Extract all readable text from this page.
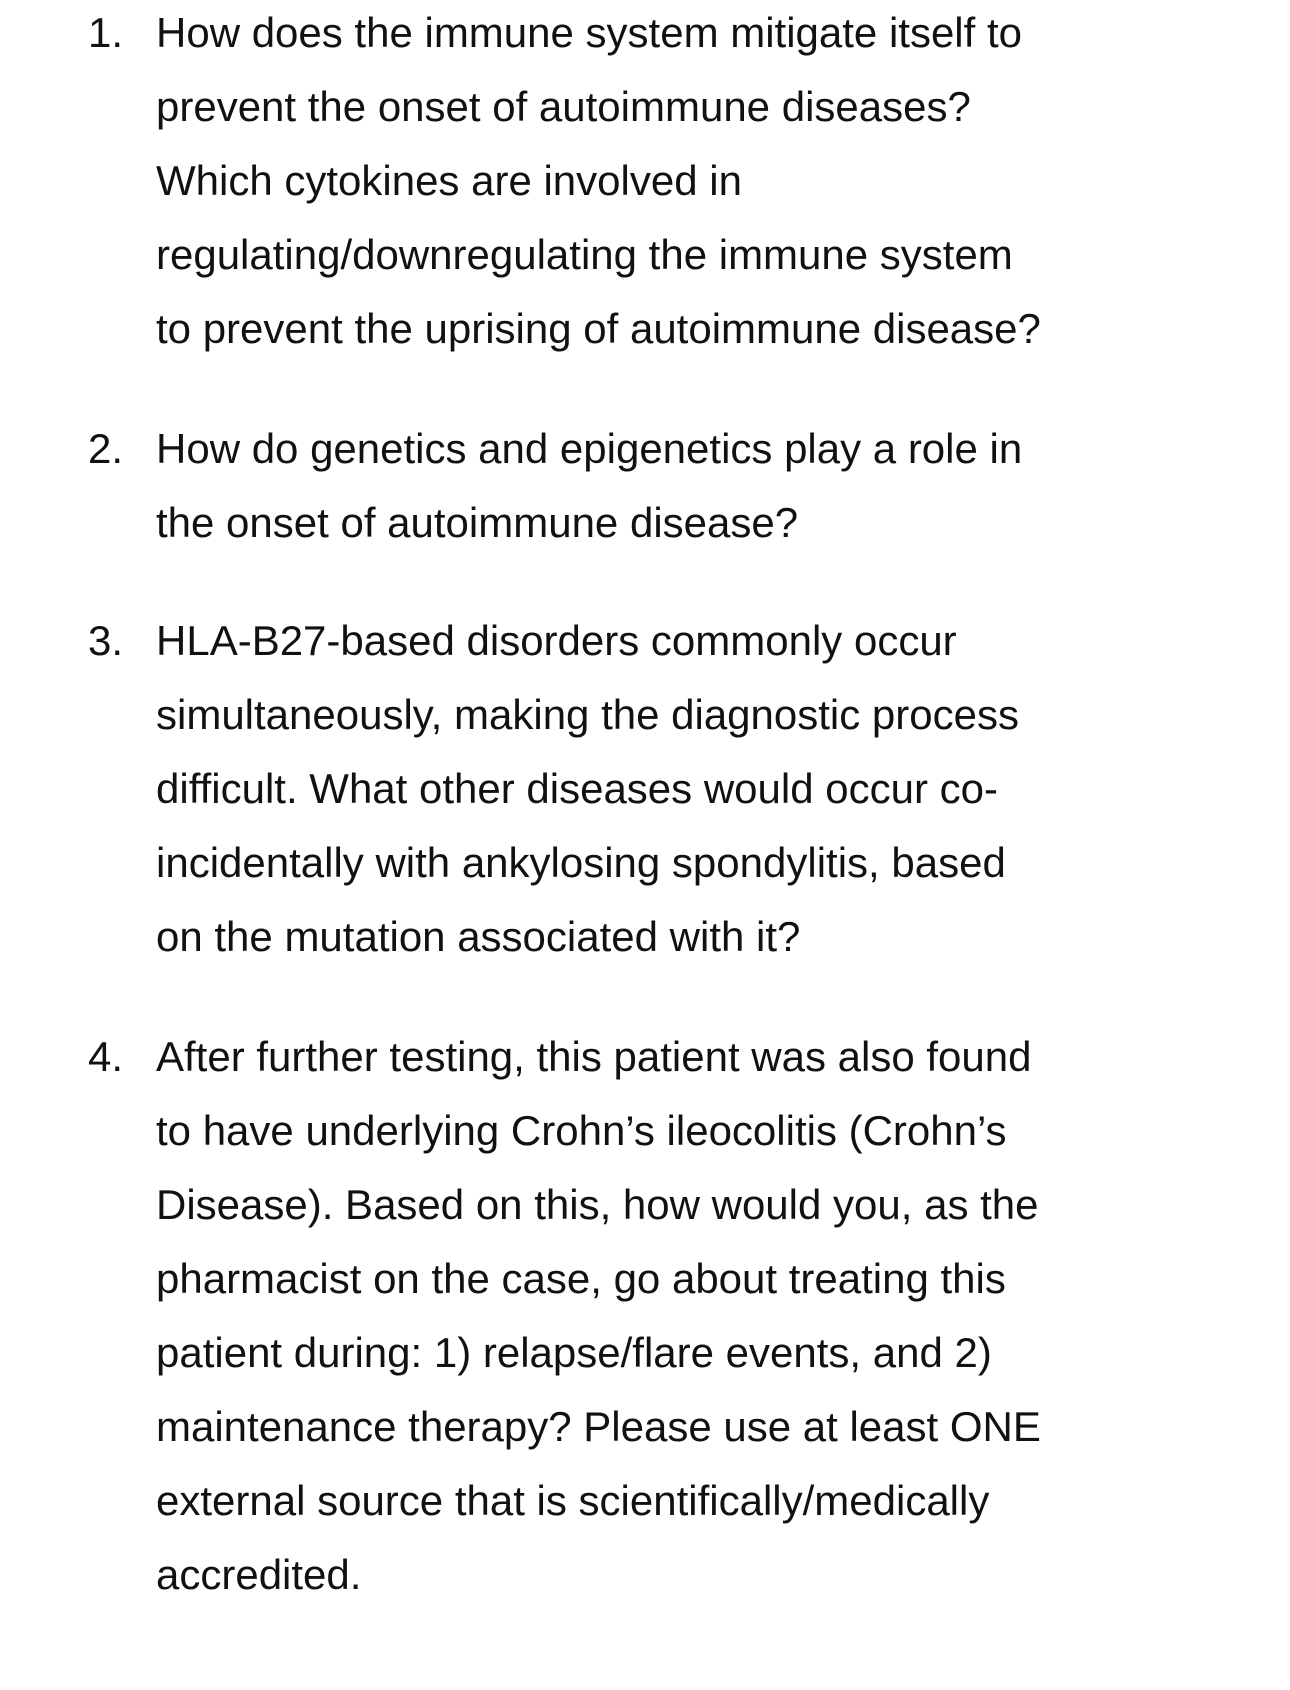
1. How does the immune system mitigate itself to
prevent the onset of autoimmune diseases?
Which cytokines are involved in
regulating/downregulating the immune system
to prevent the uprising of autoimmune disease?
2. How do genetics and epigenetics play a role in
the onset of autoimmune disease?
3. HLA-B27-based disorders commonly occur
simultaneously, making the diagnostic process
difficult. What other diseases would occur co-
incidentally with ankylosing spondylitis, based
on the mutation associated with it?
4. After further testing, this patient was also found
to have underlying Crohn’s ileocolitis (Crohn’s
Disease). Based on this, how would you, as the
pharmacist on the case, go about treating this
patient during: 1) relapse/flare events, and 2)
maintenance therapy? Please use at least ONE
external source that is scientifically/medically
accredited.
